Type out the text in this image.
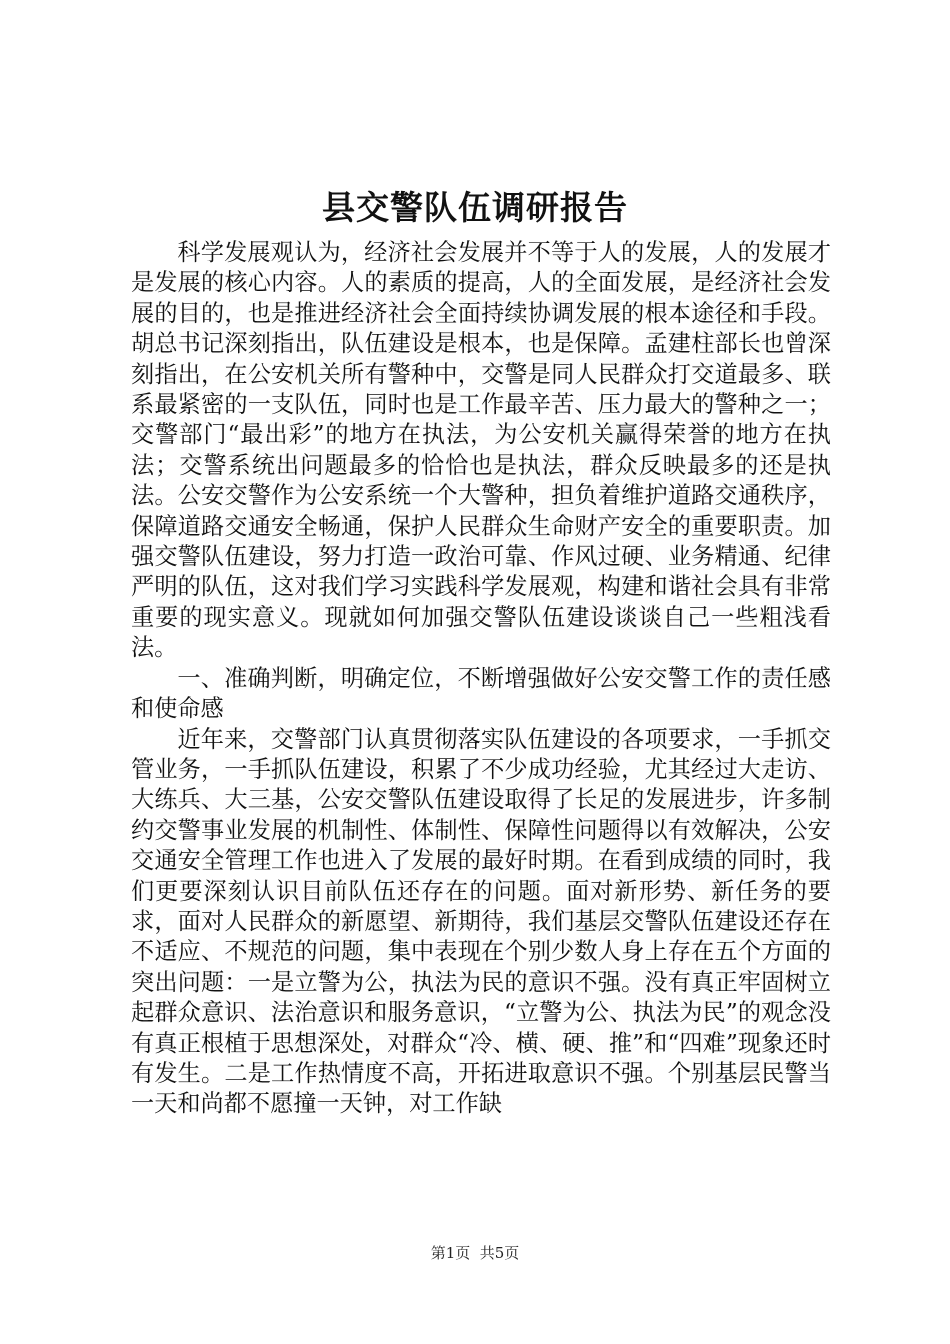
县交警队伍调研报告

科学发展观认为，经济社会发展并不等于人的发展，人的发展才是发展的核心内容。人的素质的提高，人的全面发展，是经济社会发展的目的，也是推进经济社会全面持续协调发展的根本途径和手段。胡总书记深刻指出，队伍建设是根本，也是保障。孟建柱部长也曾深刻指出，在公安机关所有警种中，交警是同人民群众打交道最多、联系最紧密的一支队伍，同时也是工作最辛苦、压力最大的警种之一；交警部门“最出彩”的地方在执法，为公安机关赢得荣誉的地方在执法；交警系统出问题最多的恰恰也是执法，群众反映最多的还是执法。公安交警作为公安系统一个大警种，担负着维护道路交通秩序，保障道路交通安全畅通，保护人民群众生命财产安全的重要职责。加强交警队伍建设，努力打造一政治可靠、作风过硬、业务精通、纪律严明的队伍，这对我们学习实践科学发展观，构建和谐社会具有非常重要的现实意义。现就如何加强交警队伍建设谈谈自己一些粗浅看法。

一、准确判断，明确定位，不断增强做好公安交警工作的责任感和使命感

近年来，交警部门认真贯彻落实队伍建设的各项要求，一手抓交管业务，一手抓队伍建设，积累了不少成功经验，尤其经过大走访、大练兵、大三基，公安交警队伍建设取得了长足的发展进步，许多制约交警事业发展的机制性、体制性、保障性问题得以有效解决，公安交通安全管理工作也进入了发展的最好时期。在看到成绩的同时，我们更要深刻认识目前队伍还存在的问题。面对新形势、新任务的要求，面对人民群众的新愿望、新期待，我们基层交警队伍建设还存在不适应、不规范的问题，集中表现在个别少数人身上存在五个方面的突出问题：一是立警为公，执法为民的意识不强。没有真正牢固树立起群众意识、法治意识和服务意识，“立警为公、执法为民”的观念没有真正根植于思想深处，对群众“冷、横、硬、推”和“四难”现象还时有发生。二是工作热情度不高，开拓进取意识不强。个别基层民警当一天和尚都不愿撞一天钟，对工作缺

第1页  共5页
